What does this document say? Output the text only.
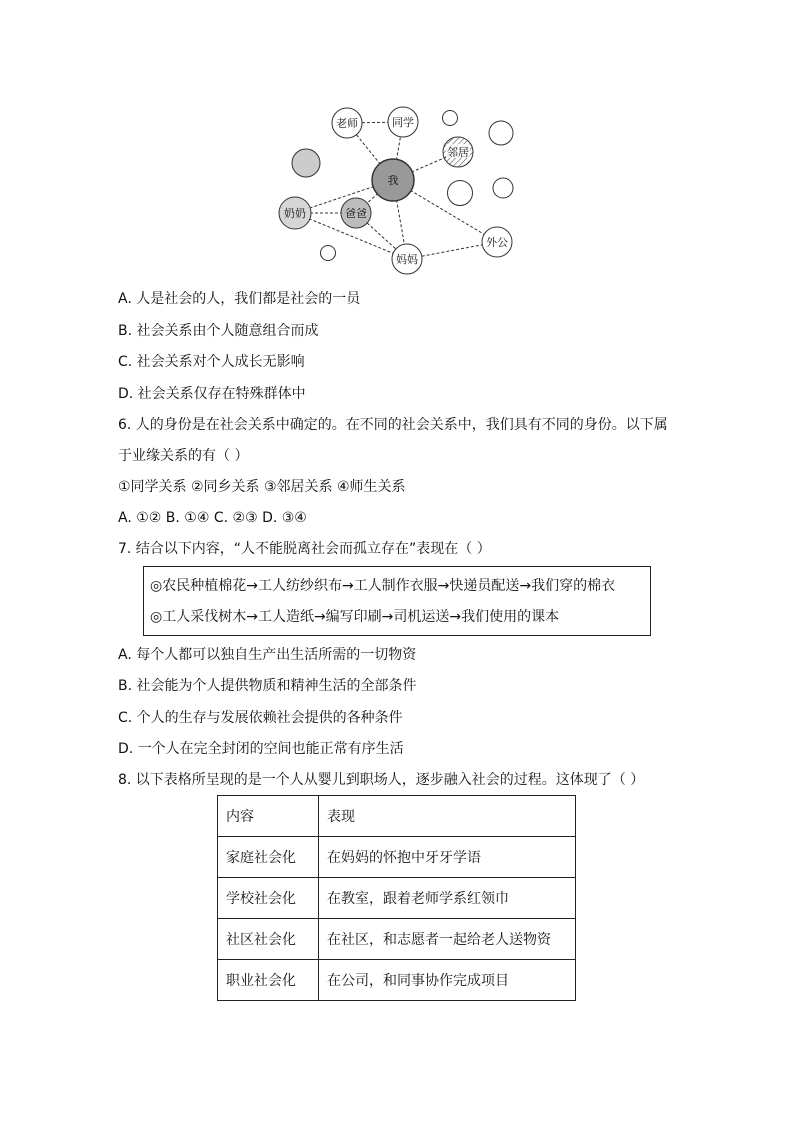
老师	同学
邻居
我
奶奶	爸爸
妈妈
外公
A. 人是社会的人，我们都是社会的一员
B. 社会关系由个人随意组合而成
C. 社会关系对个人成长无影响
D. 社会关系仅存在特殊群体中
6. 人的身份是在社会关系中确定的。在不同的社会关系中，我们具有不同的身份。以下属
于业缘关系的有（ ）
①同学关系 ②同乡关系 ③邻居关系 ④师生关系
A. ①② B. ①④ C. ②③ D. ③④
7. 结合以下内容，“人不能脱离社会而孤立存在”表现在（ ）
◎农民种植棉花→工人纺纱织布→工人制作衣服→快递员配送→我们穿的棉衣
◎工人采伐树木→工人造纸→编写印刷→司机运送→我们使用的课本
A. 每个人都可以独自生产出生活所需的一切物资
B. 社会能为个人提供物质和精神生活的全部条件
C. 个人的生存与发展依赖社会提供的各种条件
D. 一个人在完全封闭的空间也能正常有序生活
8. 以下表格所呈现的是一个人从婴儿到职场人，逐步融入社会的过程。这体现了（ ）
内容	表现
家庭社会化	在妈妈的怀抱中牙牙学语
学校社会化	在教室，跟着老师学系红领巾
社区社会化	在社区，和志愿者一起给老人送物资
职业社会化	在公司，和同事协作完成项目
